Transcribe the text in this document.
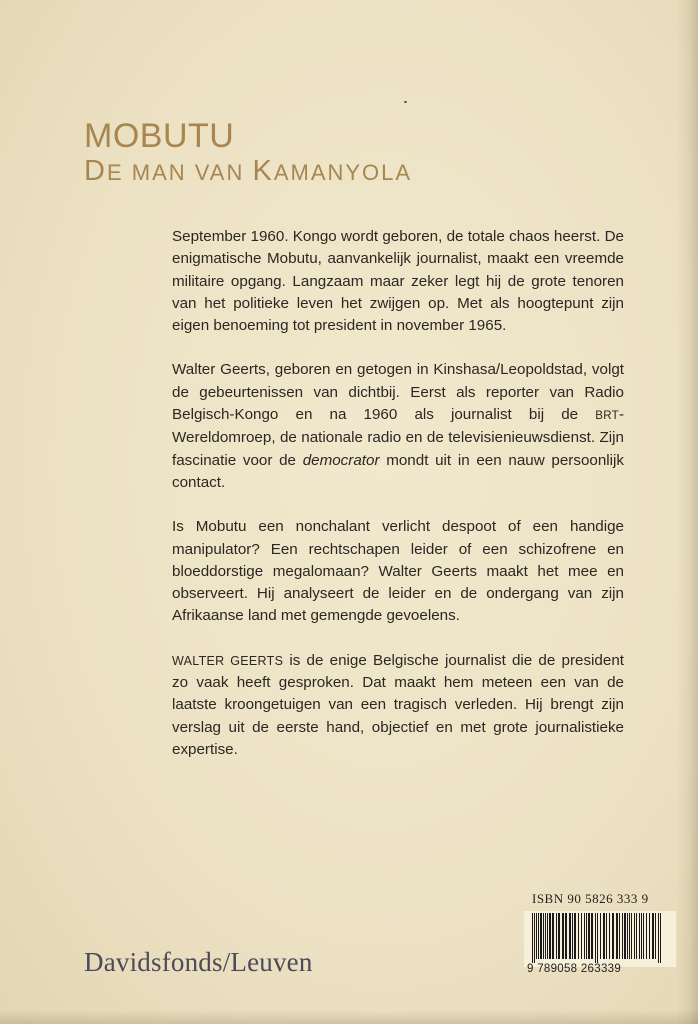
MOBUTU
DE MAN VAN KAMANYOLA

September 1960. Kongo wordt geboren, de totale chaos heerst. De enigmatische Mobutu, aanvankelijk journalist, maakt een vreemde militaire opgang. Langzaam maar zeker legt hij de grote tenoren van het politieke leven het zwijgen op. Met als hoogtepunt zijn eigen benoeming tot president in november 1965.

Walter Geerts, geboren en getogen in Kinshasa/Leopoldstad, volgt de gebeurtenissen van dichtbij. Eerst als reporter van Radio Belgisch-Kongo en na 1960 als journalist bij de BRT-Wereldomroep, de nationale radio en de televisienieuwsdienst. Zijn fascinatie voor de democrator mondt uit in een nauw persoonlijk contact.

Is Mobutu een nonchalant verlicht despoot of een handige manipulator? Een rechtschapen leider of een schizofrene en bloeddorstige megalomaan? Walter Geerts maakt het mee en observeert. Hij analyseert de leider en de ondergang van zijn Afrikaanse land met gemengde gevoelens.

WALTER GEERTS is de enige Belgische journalist die de president zo vaak heeft gesproken. Dat maakt hem meteen een van de laatste kroongetuigen van een tragisch verleden. Hij brengt zijn verslag uit de eerste hand, objectief en met grote journalistieke expertise.

Davidsfonds/Leuven
ISBN 90 5826 333 9
9 789058 263339
